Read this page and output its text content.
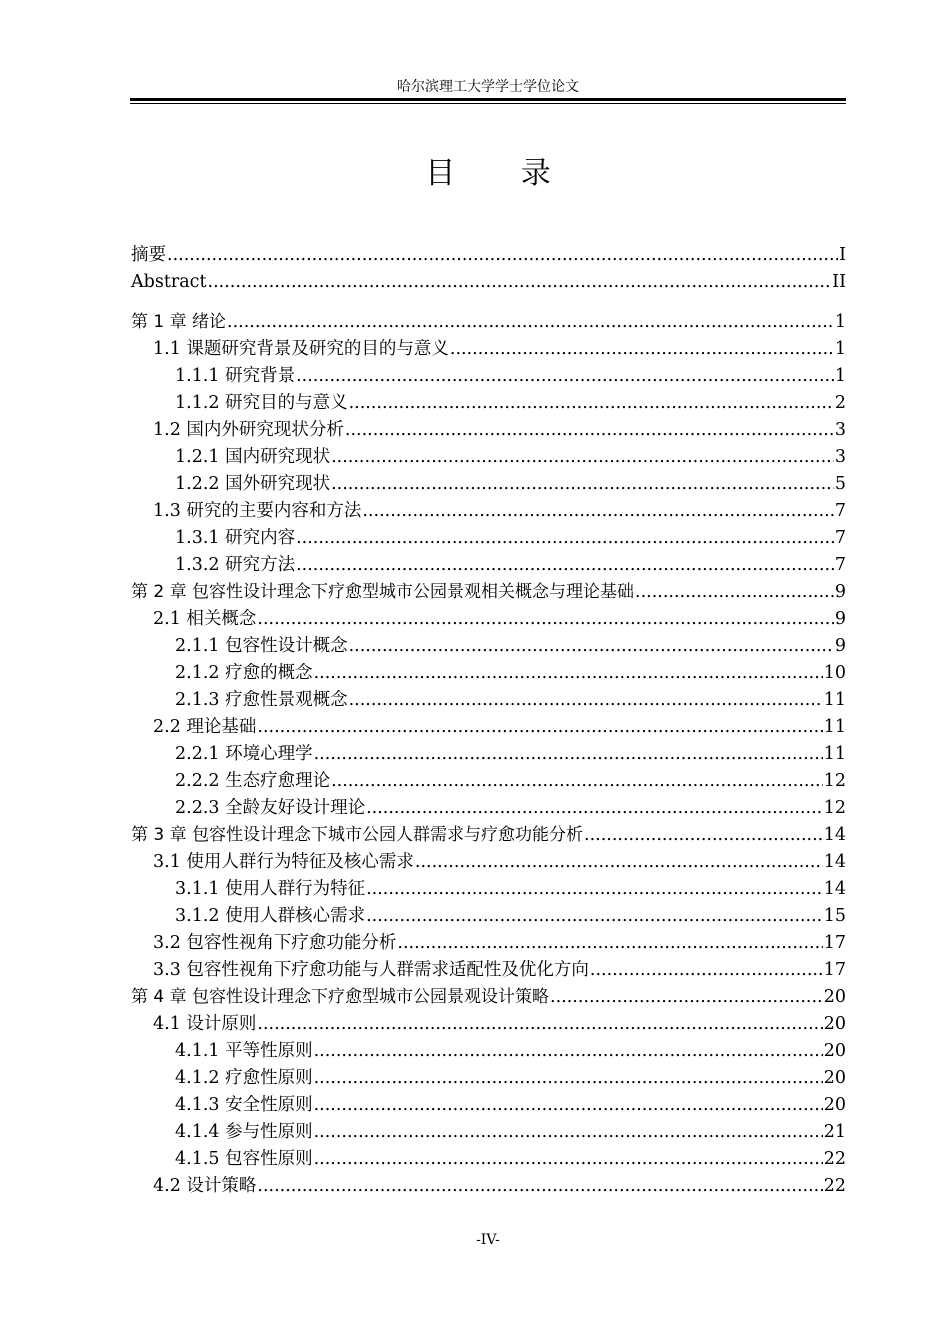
哈尔滨理工大学学士学位论文
目 录
摘要 .....	I
Abstract .....	II
第 1 章 绪论 .....	1
1.1 课题研究背景及研究的目的与意义 .....	1
1.1.1 研究背景 .....	1
1.1.2 研究目的与意义 .....	2
1.2 国内外研究现状分析 .....	3
1.2.1 国内研究现状 .....	3
1.2.2 国外研究现状 .....	5
1.3 研究的主要内容和方法 .....	7
1.3.1 研究内容 .....	7
1.3.2 研究方法 .....	7
第 2 章 包容性设计理念下疗愈型城市公园景观相关概念与理论基础 .....	9
2.1 相关概念 .....	9
2.1.1 包容性设计概念 .....	9
2.1.2 疗愈的概念 .....	10
2.1.3 疗愈性景观概念 .....	11
2.2 理论基础 .....	11
2.2.1 环境心理学 .....	11
2.2.2 生态疗愈理论 .....	12
2.2.3 全龄友好设计理论 .....	12
第 3 章 包容性设计理念下城市公园人群需求与疗愈功能分析 .....	14
3.1 使用人群行为特征及核心需求 .....	14
3.1.1 使用人群行为特征 .....	14
3.1.2 使用人群核心需求 .....	15
3.2 包容性视角下疗愈功能分析 .....	17
3.3 包容性视角下疗愈功能与人群需求适配性及优化方向 .....	17
第 4 章 包容性设计理念下疗愈型城市公园景观设计策略 .....	20
4.1 设计原则 .....	20
4.1.1 平等性原则 .....	20
4.1.2 疗愈性原则 .....	20
4.1.3 安全性原则 .....	20
4.1.4 参与性原则 .....	21
4.1.5 包容性原则 .....	22
4.2 设计策略 .....	22
-IV-
